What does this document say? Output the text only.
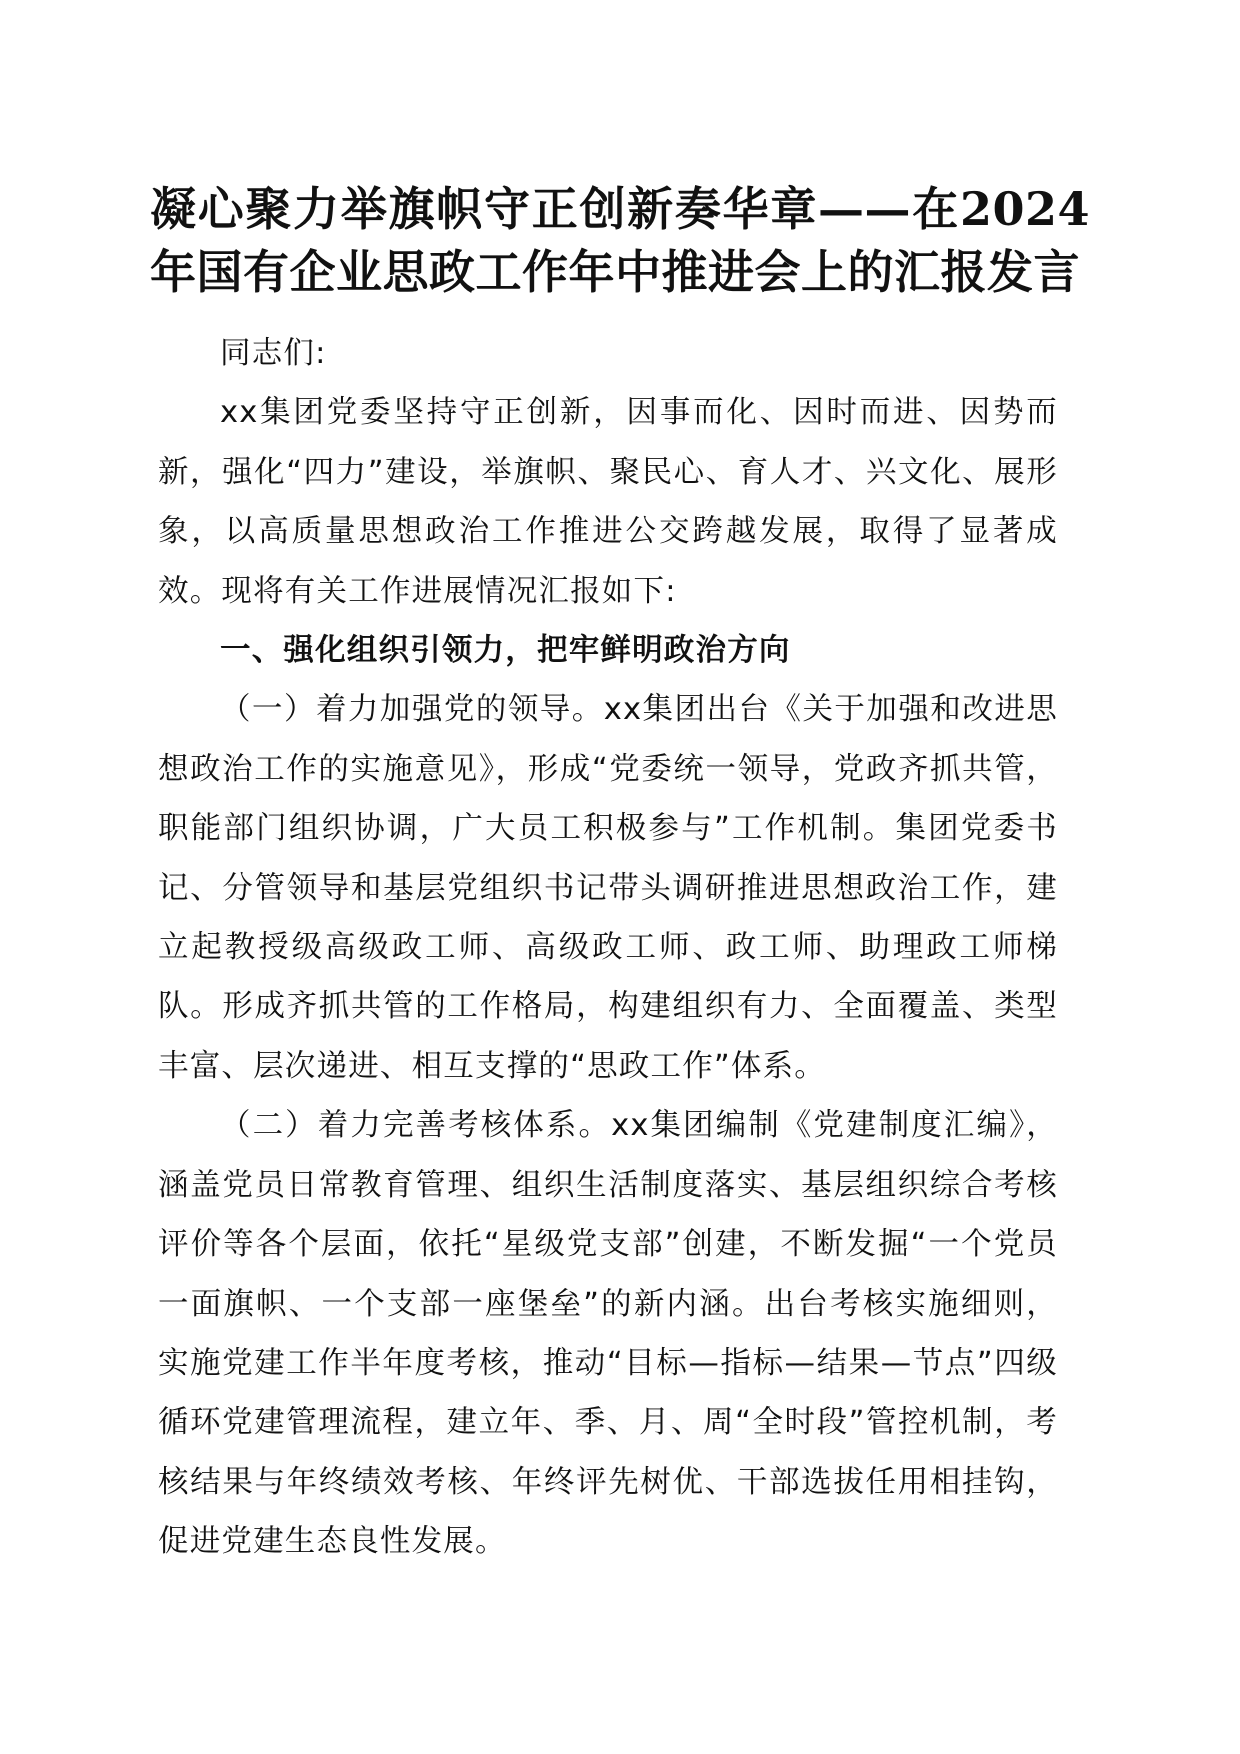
凝心聚力举旗帜守正创新奏华章——在2024年国有企业思政工作年中推进会上的汇报发言

同志们:

xx集团党委坚持守正创新，因事而化、因时而进、因势而新，强化“四力”建设，举旗帜、聚民心、育人才、兴文化、展形象，以高质量思想政治工作推进公交跨越发展，取得了显著成效。现将有关工作进展情况汇报如下:

一、强化组织引领力，把牢鲜明政治方向

（一）着力加强党的领导。xx集团出台《关于加强和改进思想政治工作的实施意见》，形成“党委统一领导，党政齐抓共管，职能部门组织协调，广大员工积极参与”工作机制。集团党委书记、分管领导和基层党组织书记带头调研推进思想政治工作，建立起教授级高级政工师、高级政工师、政工师、助理政工师梯队。形成齐抓共管的工作格局，构建组织有力、全面覆盖、类型丰富、层次递进、相互支撑的“思政工作”体系。

（二）着力完善考核体系。xx集团编制《党建制度汇编》，涵盖党员日常教育管理、组织生活制度落实、基层组织综合考核评价等各个层面，依托“星级党支部”创建，不断发掘“一个党员一面旗帜、一个支部一座堡垒”的新内涵。出台考核实施细则，实施党建工作半年度考核，推动“目标—指标—结果—节点”四级循环党建管理流程，建立年、季、月、周“全时段”管控机制，考核结果与年终绩效考核、年终评先树优、干部选拔任用相挂钩，促进党建生态良性发展。
